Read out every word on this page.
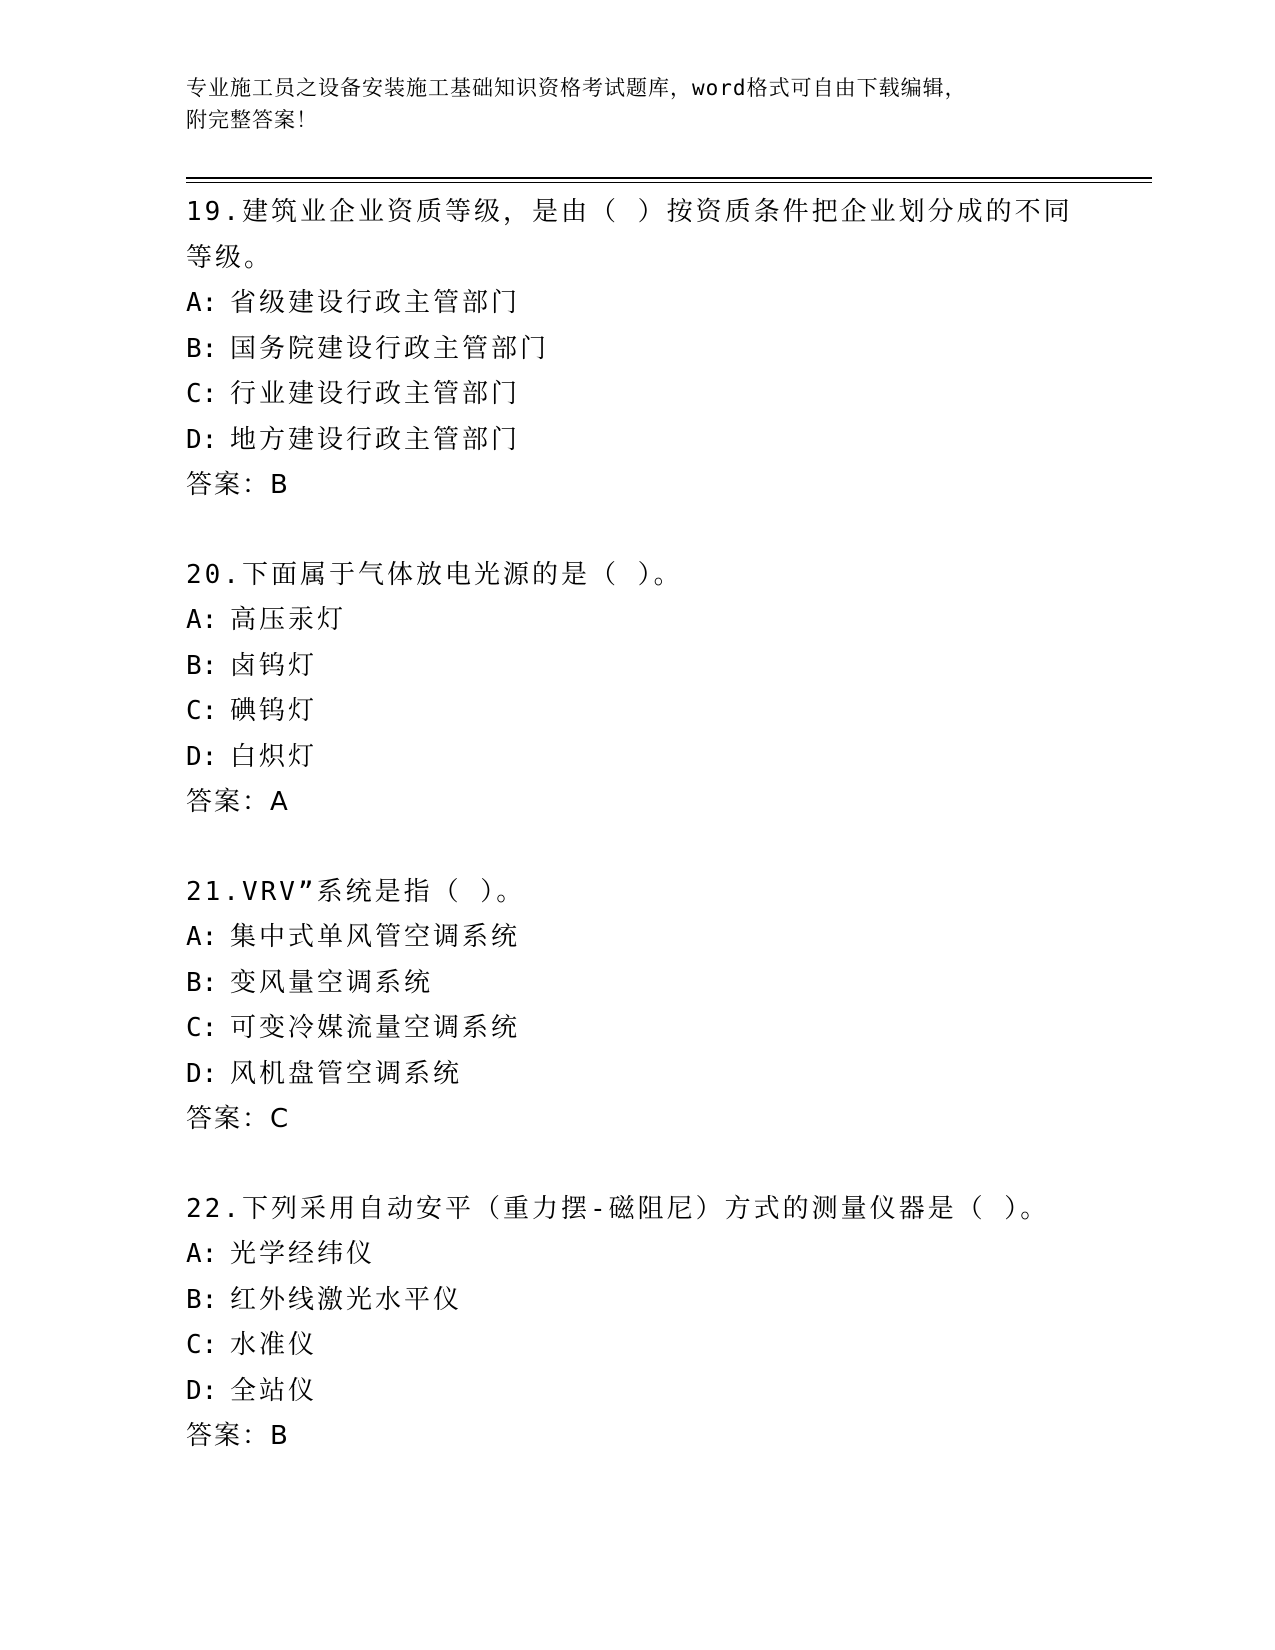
专业施工员之设备安装施工基础知识资格考试题库，word格式可自由下载编辑，
附完整答案！
19.建筑业企业资质等级，是由（ ）按资质条件把企业划分成的不同等级。
A: 省级建设行政主管部门
B: 国务院建设行政主管部门
C: 行业建设行政主管部门
D: 地方建设行政主管部门
答案：B
20.下面属于气体放电光源的是（ ）。
A: 高压汞灯
B: 卤钨灯
C: 碘钨灯
D: 白炽灯
答案：A
21.VRV”系统是指（ ）。
A: 集中式单风管空调系统
B: 变风量空调系统
C: 可变冷媒流量空调系统
D: 风机盘管空调系统
答案：C
22.下列采用自动安平（重力摆-磁阻尼）方式的测量仪器是（ ）。
A: 光学经纬仪
B: 红外线激光水平仪
C: 水准仪
D: 全站仪
答案：B
